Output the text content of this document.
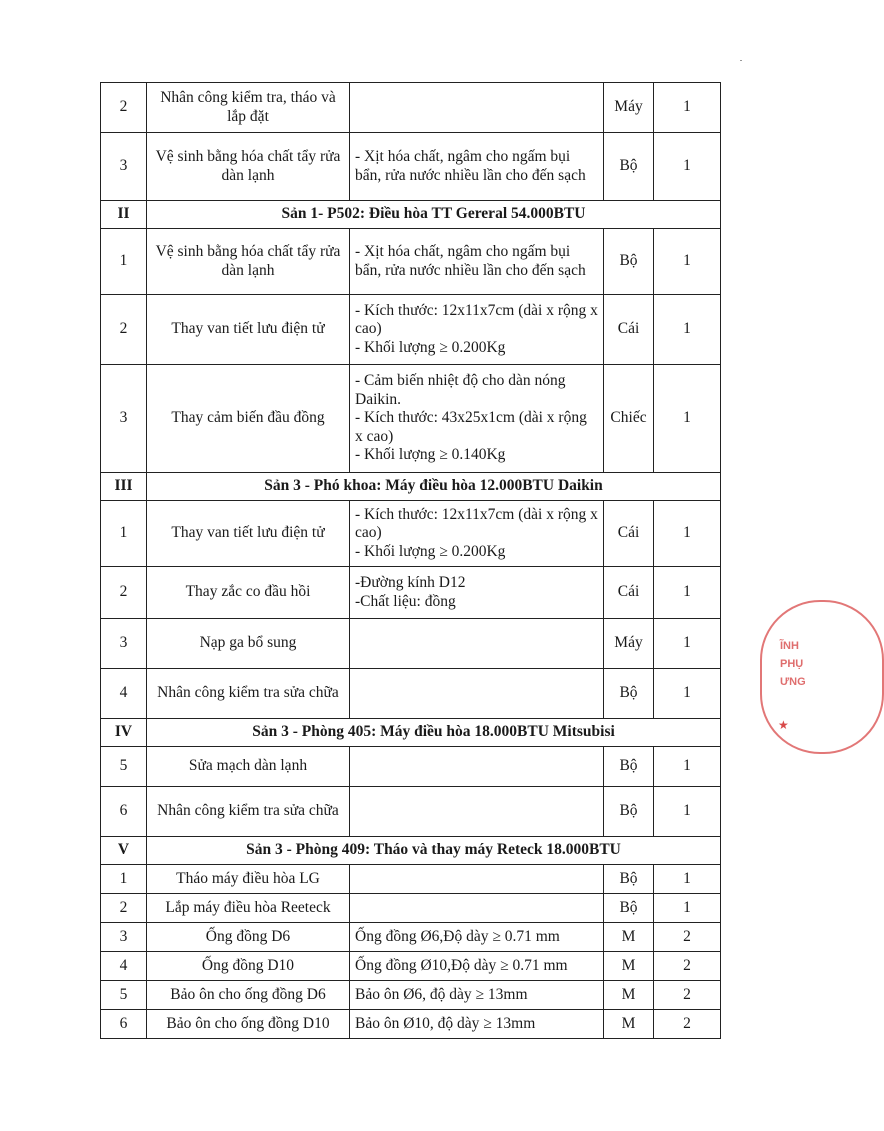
2	Nhân công kiểm tra, tháo và lắp đặt		Máy	1
3	Vệ sinh bằng hóa chất tẩy rửa dàn lạnh	- Xịt hóa chất, ngâm cho ngấm bụi bẩn, rửa nước nhiều lần cho đến sạch	Bộ	1
II	Sản 1- P502: Điều hòa TT Gereral 54.000BTU			
1	Vệ sinh bằng hóa chất tẩy rửa dàn lạnh	- Xịt hóa chất, ngâm cho ngấm bụi bẩn, rửa nước nhiều lần cho đến sạch	Bộ	1
2	Thay van tiết lưu điện tử	- Kích thước: 12x11x7cm (dài x rộng x cao)
- Khối lượng ≥ 0.200Kg	Cái	1
3	Thay cảm biến đầu đồng	- Cảm biến nhiệt độ cho dàn nóng Daikin.
- Kích thước: 43x25x1cm (dài x rộng x cao)
- Khối lượng ≥ 0.140Kg	Chiếc	1
III	Sản 3 - Phó khoa: Máy điều hòa 12.000BTU Daikin			
1	Thay van tiết lưu điện tử	- Kích thước: 12x11x7cm (dài x rộng x cao)
- Khối lượng ≥ 0.200Kg	Cái	1
2	Thay zắc co đầu hồi	-Đường kính D12
-Chất liệu: đồng	Cái	1
3	Nạp ga bổ sung		Máy	1
4	Nhân công kiểm tra sửa chữa		Bộ	1
IV	Sản 3 - Phòng 405: Máy điều hòa 18.000BTU Mitsubisi			
5	Sửa mạch dàn lạnh		Bộ	1
6	Nhân công kiểm tra sửa chữa		Bộ	1
V	Sản 3 - Phòng 409: Tháo và thay máy Reteck 18.000BTU			
1	Tháo máy điều hòa LG		Bộ	1
2	Lắp máy điều hòa Reeteck		Bộ	1
3	Ống đồng D6	Ống đồng Ø6,Độ dày ≥ 0.71 mm	M	2
4	Ống đồng D10	Ống đồng Ø10,Độ dày ≥ 0.71 mm	M	2
5	Bảo ôn cho ống đồng D6	Bảo ôn Ø6, độ dày ≥ 13mm	M	2
6	Bảo ôn cho ống đồng D10	Bảo ôn Ø10, độ dày ≥ 13mm	M	2
ĨNH
PHỤ
ƯNG
★
